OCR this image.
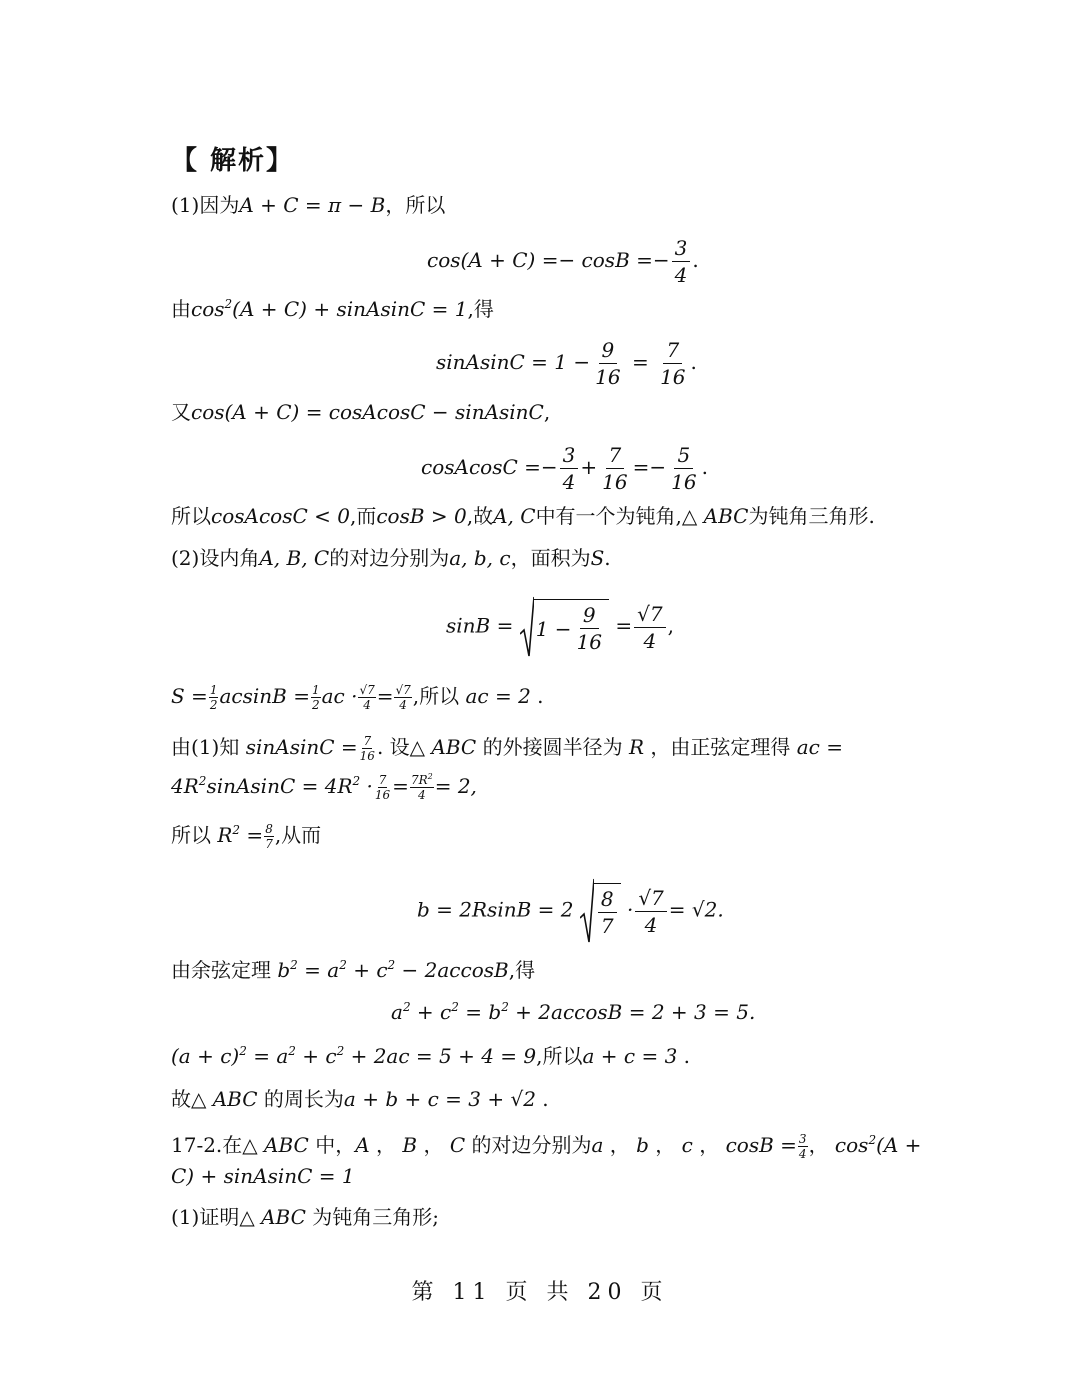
【 解析】
(1)因为A + C = π − B，所以
$\cos(A + C) =- \cos B =- \frac{3}{4}$ .
由$\cos^2(A + C)$ + sinAsinC = 1,得
sinAsinC = $1 - \frac{9}{16} = \frac{7}{16}$ .
又cos(A + C) = cosAcosC − sinAsinC,
cosAcosC =− $\frac{3}{4} + \frac{7}{16} =- \frac{5}{16}$ .
所以cosAcosC < 0,而cosB > 0,故A, C中有一个为钝角,△ ABC为钝角三角形.
(2)设内角A, B, C的对边分别为a, b, c，面积为S.
$\sin B = 1 - \frac{9}{16} = \frac{√7}{4}$ ,
$S = \frac{1}{2}$ $acsinB = \frac{1}{2}$ ac · $\frac{√7}{4} = \frac{√7}{4}$ ,所以 ac = 2 .
由(1)知 sinAsinC = $\frac{7}{16}$ . 设△ ABC 的外接圆半径为 R ，由正弦定理得 ac =
$4R^2sinAsinC = 4R^2 \cdot \frac{7}{16} = \frac{7R^2}{4} = 2$,
所以 $R^2 = \frac{8}{7}$ ,从而
$b = 2RsinB = 2 \frac{8}{7} \cdot \frac{√7}{4} = √2$.
由余弦定理 $b^2 = a^2 + c^2 - 2accosB$,得
$a^2 + c^2 = b^2 + 2accosB = 2 + 3 = 5$.
$(a + c)^2 = a^2 + c^2 + 2ac = 5 + 4 = 9$,所以a + c = 3 .
故△ ABC 的周长为a + b + c = 3 + √2 .
17-2.在△ ABC 中，A ， B ， C 的对边分别为a ， b ， c ， $\cos B = \frac{3}{4}$ ， $\cos^2(A$ +
C) + sinAsinC = 1
(1)证明△ ABC 为钝角三角形;
第 11 页 共 20 页
